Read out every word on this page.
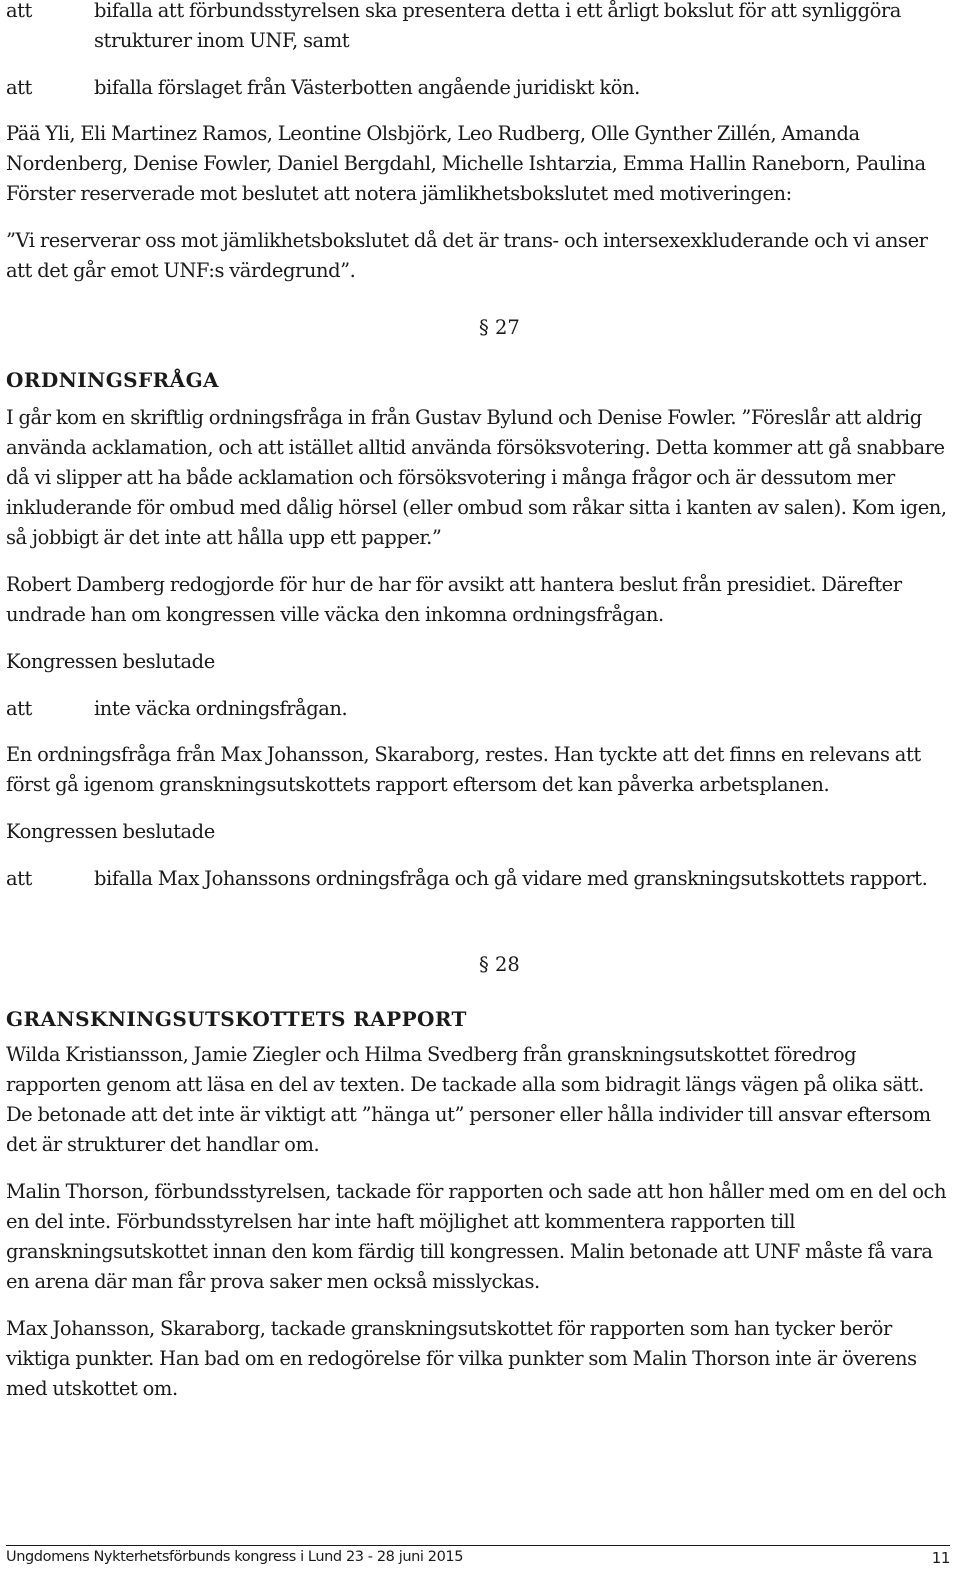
att	bifalla att förbundsstyrelsen ska presentera detta i ett årligt bokslut för att synliggöra strukturer inom UNF, samt
att	bifalla förslaget från Västerbotten angående juridiskt kön.

Pää Yli, Eli Martinez Ramos, Leontine Olsbjörk, Leo Rudberg, Olle Gynther Zillén, Amanda Nordenberg, Denise Fowler, Daniel Bergdahl, Michelle Ishtarzia, Emma Hallin Raneborn, Paulina Förster reserverade mot beslutet att notera jämlikhetsbokslutet med motiveringen:

”Vi reserverar oss mot jämlikhetsbokslutet då det är trans- och intersexexkluderande och vi anser att det går emot UNF:s värdegrund”.

§ 27
ORDNINGSFRÅGA

I går kom en skriftlig ordningsfråga in från Gustav Bylund och Denise Fowler. ”Föreslår att aldrig använda acklamation, och att istället alltid använda försöksvotering. Detta kommer att gå snabbare då vi slipper att ha både acklamation och försöksvotering i många frågor och är dessutom mer inkluderande för ombud med dålig hörsel (eller ombud som råkar sitta i kanten av salen). Kom igen, så jobbigt är det inte att hålla upp ett papper.”

Robert Damberg redogjorde för hur de har för avsikt att hantera beslut från presidiet. Därefter undrade han om kongressen ville väcka den inkomna ordningsfrågan.

Kongressen beslutade

att	inte väcka ordningsfrågan.

En ordningsfråga från Max Johansson, Skaraborg, restes. Han tyckte att det finns en relevans att först gå igenom granskningsutskottets rapport eftersom det kan påverka arbetsplanen.

Kongressen beslutade

att	bifalla Max Johanssons ordningsfråga och gå vidare med granskningsutskottets rapport.
§ 28
GRANSKNINGSUTSKOTTETS RAPPORT

Wilda Kristiansson, Jamie Ziegler och Hilma Svedberg från granskningsutskottet föredrog rapporten genom att läsa en del av texten. De tackade alla som bidragit längs vägen på olika sätt. De betonade att det inte är viktigt att ”hänga ut” personer eller hålla individer till ansvar eftersom det är strukturer det handlar om.

Malin Thorson, förbundsstyrelsen, tackade för rapporten och sade att hon håller med om en del och en del inte. Förbundsstyrelsen har inte haft möjlighet att kommentera rapporten till granskningsutskottet innan den kom färdig till kongressen. Malin betonade att UNF måste få vara en arena där man får prova saker men också misslyckas.

Max Johansson, Skaraborg, tackade granskningsutskottet för rapporten som han tycker berör viktiga punkter. Han bad om en redogörelse för vilka punkter som Malin Thorson inte är överens med utskottet om.

Ungdomens Nykterhetsförbunds kongress i Lund 23 - 28 juni 2015	11
